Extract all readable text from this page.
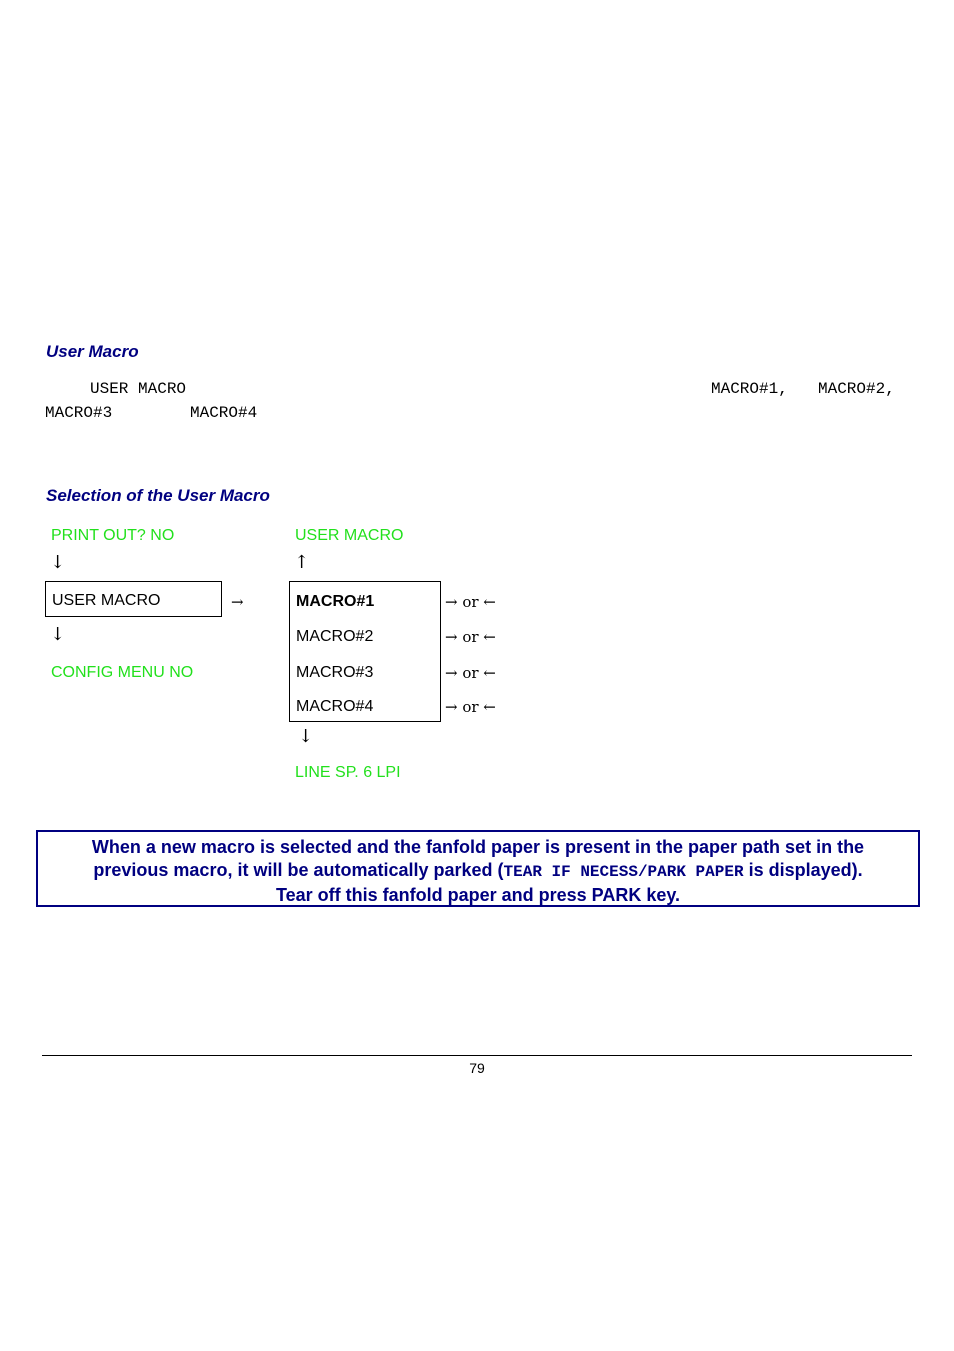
User Macro
USER MACRO	MACRO#1, MACRO#2,
MACRO#3	MACRO#4
Selection of the User Macro
PRINT OUT? NO
↓
USER MACRO	→
↓
CONFIG MENU NO
USER MACRO
↑
MACRO#1
MACRO#2
MACRO#3
MACRO#4
→ or ←
→ or ←
→ or ←
→ or ←
↓
LINE SP. 6 LPI
When a new macro is selected and the fanfold paper is present in the paper path set in the
previous macro, it will be automatically parked (TEAR IF NECESS/PARK PAPER is displayed).
Tear off this fanfold paper and press PARK key.
79
